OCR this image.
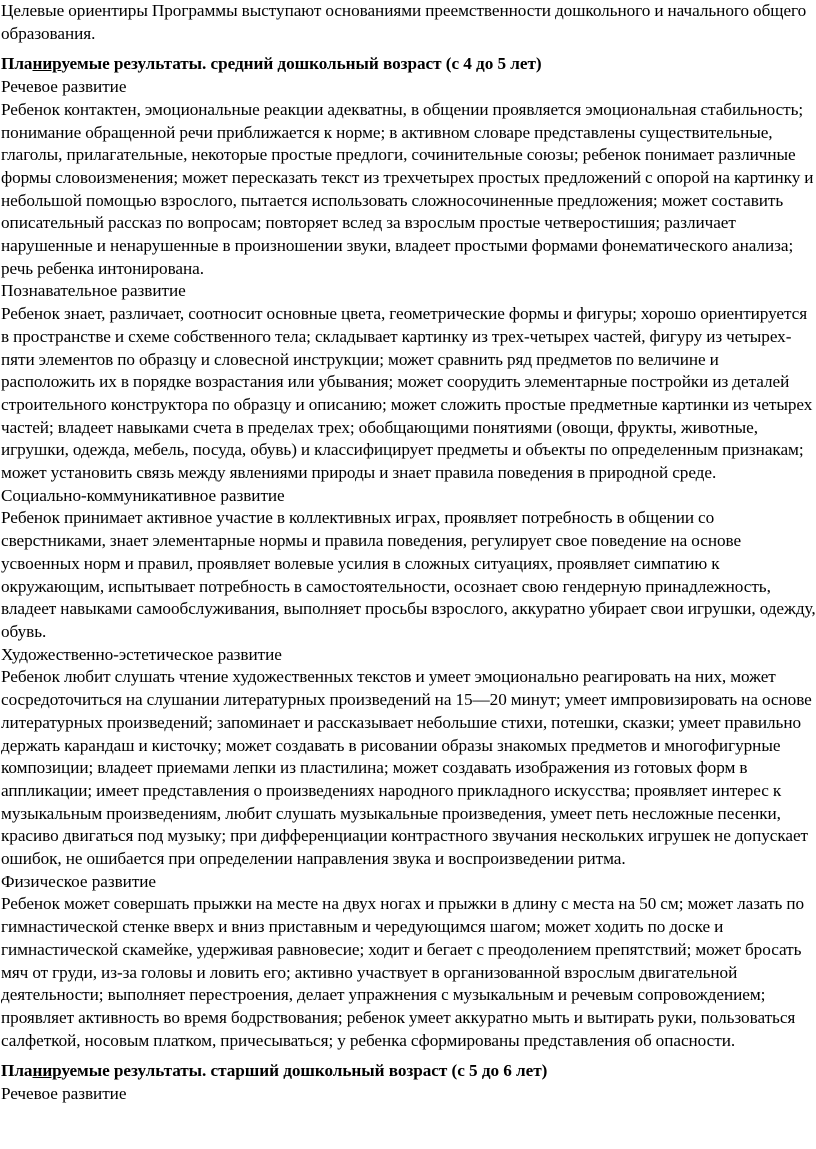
Целевые ориентиры Программы выступают основаниями преемственности дошкольного и начального общего образования.

Планируемые результаты. средний дошкольный возраст (с 4 до 5 лет)

Речевое развитие

Ребенок контактен, эмоциональные реакции адекватны, в общении проявляется эмоциональная стабильность; понимание обращенной речи приближается к норме; в активном словаре представлены существительные, глаголы, прилагательные, некоторые простые предлоги, сочинительные союзы; ребенок понимает различные формы словоизменения; может пересказать текст из трехчетырех простых предложений с опорой на картинку и небольшой помощью взрослого, пытается использовать сложносочиненные предложения; может составить описательный рассказ по вопросам; повторяет вслед за взрослым простые четверостишия; различает нарушенные и ненарушенные в произношении звуки, владеет простыми формами фонематического анализа; речь ребенка интонирована.

Познавательное развитие

Ребенок знает, различает, соотносит основные цвета, геометрические формы и фигуры; хорошо ориентируется в пространстве и схеме собственного тела; складывает картинку из трех-четырех частей, фигуру из четырех-пяти элементов по образцу и словесной инструкции; может сравнить ряд предметов по величине и расположить их в порядке возрастания или убывания; может соорудить элементарные постройки из деталей строительного конструктора по образцу и описанию; может сложить простые предметные картинки из четырех частей; владеет навыками счета в пределах трех; обобщающими понятиями (овощи, фрукты, животные, игрушки, одежда, мебель, посуда, обувь) и классифицирует предметы и объекты по определенным признакам; может установить связь между явлениями природы и знает правила поведения в природной среде.

Социально-коммуникативное развитие

Ребенок принимает активное участие в коллективных играх, проявляет потребность в общении со сверстниками, знает элементарные нормы и правила поведения, регулирует свое поведение на основе усвоенных норм и правил, проявляет волевые усилия в сложных ситуациях, проявляет симпатию к окружающим, испытывает потребность в самостоятельности, осознает свою гендерную принадлежность, владеет навыками самообслуживания, выполняет просьбы взрослого, аккуратно убирает свои игрушки, одежду, обувь.

Художественно-эстетическое развитие

Ребенок любит слушать чтение художественных текстов и умеет эмоционально реагировать на них, может сосредоточиться на слушании литературных произведений на 15—20 минут; умеет импровизировать на основе литературных произведений; запоминает и рассказывает небольшие стихи, потешки, сказки; умеет правильно держать карандаш и кисточку; может создавать в рисовании образы знакомых предметов и многофигурные композиции; владеет приемами лепки из пластилина; может создавать изображения из готовых форм в аппликации; имеет представления о произведениях народного прикладного искусства; проявляет интерес к музыкальным произведениям, любит слушать музыкальные произведения, умеет петь несложные песенки, красиво двигаться под музыку; при дифференциации контрастного звучания нескольких игрушек не допускает ошибок, не ошибается при определении направления звука и воспроизведении ритма.

Физическое развитие

Ребенок может совершать прыжки на месте на двух ногах и прыжки в длину с места на 50 см; может лазать по гимнастической стенке вверх и вниз приставным и чередующимся шагом; может ходить по доске и гимнастической скамейке, удерживая равновесие; ходит и бегает с преодолением препятствий; может бросать мяч от груди, из-за головы и ловить его; активно участвует в организованной взрослым двигательной деятельности; выполняет перестроения, делает упражнения с музыкальным и речевым сопровождением; проявляет активность во время бодрствования; ребенок умеет аккуратно мыть и вытирать руки, пользоваться салфеткой, носовым платком, причесываться; у ребенка сформированы представления об опасности.

Планируемые результаты. старший дошкольный возраст (с 5 до 6 лет)

Речевое развитие
